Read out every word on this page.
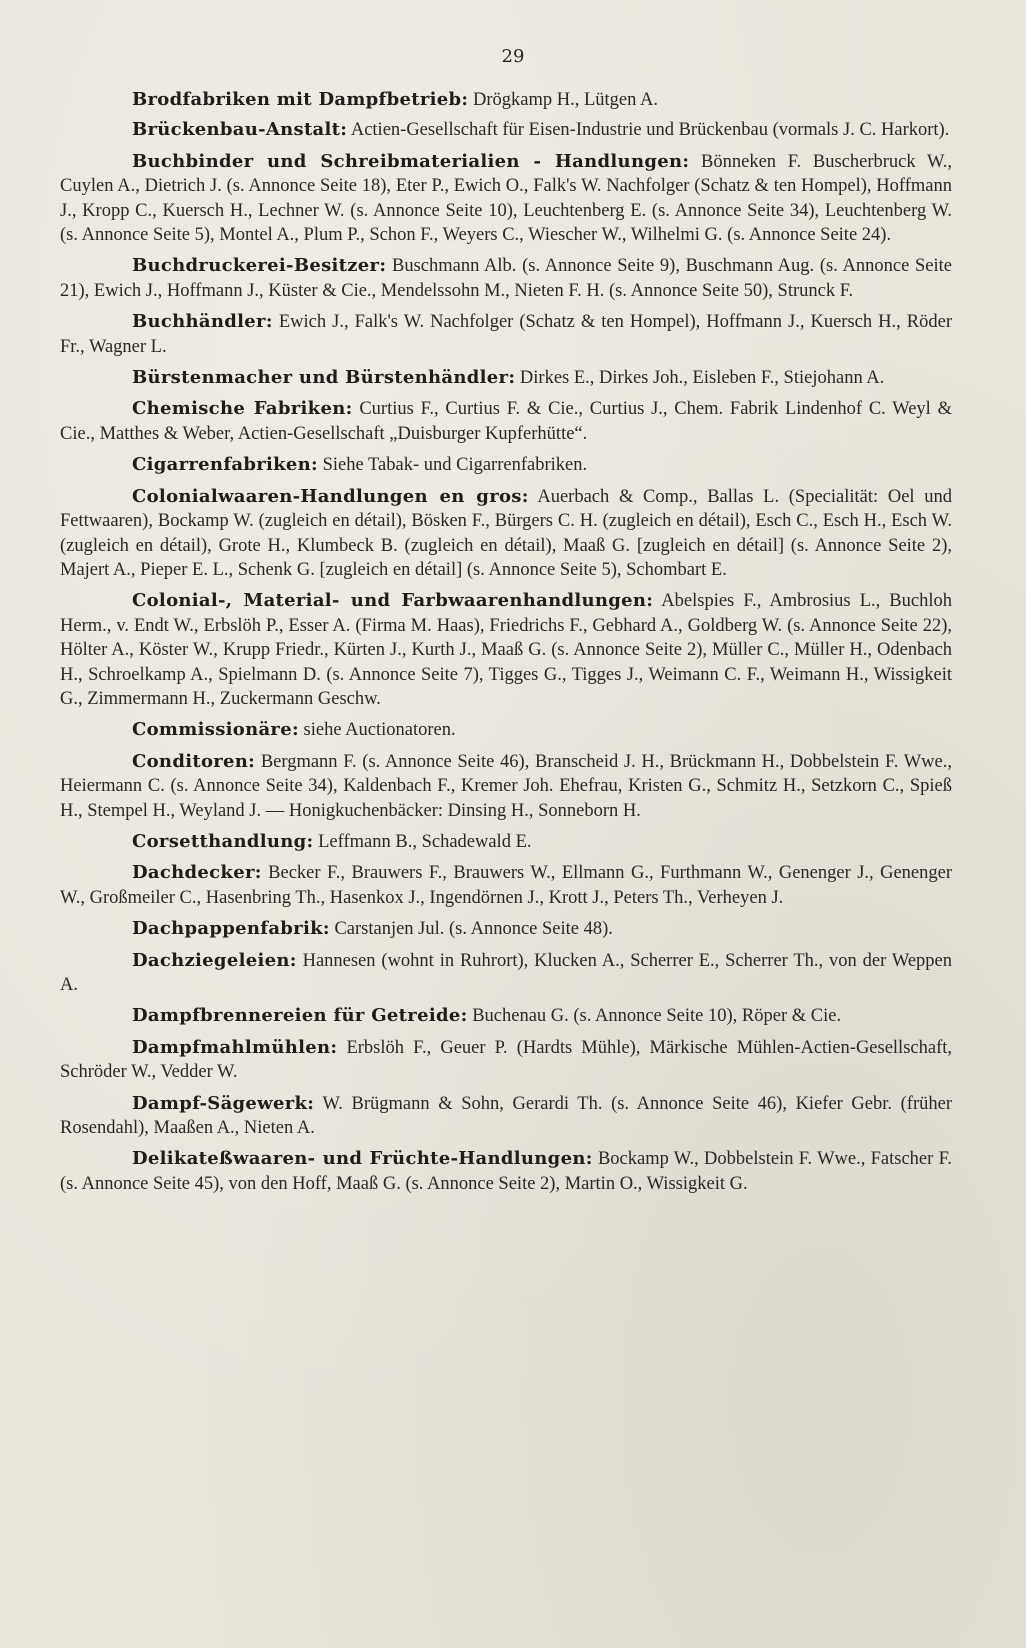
29

Brodfabriken mit Dampfbetrieb: Drögkamp H., Lütgen A.

Brückenbau-Anstalt: Actien-Gesellschaft für Eisen-Industrie und Brückenbau (vormals J. C. Harkort).

Buchbinder und Schreibmaterialien - Handlungen: Bönneken F. Buscherbruck W., Cuylen A., Dietrich J. (s. Annonce Seite 18), Eter P., Ewich O., Falk's W. Nachfolger (Schatz & ten Hompel), Hoffmann J., Kropp C., Kuersch H., Lechner W. (s. Annonce Seite 10), Leuchtenberg E. (s. Annonce Seite 34), Leuchtenberg W. (s. Annonce Seite 5), Montel A., Plum P., Schon F., Weyers C., Wiescher W., Wilhelmi G. (s. Annonce Seite 24).

Buchdruckerei-Besitzer: Buschmann Alb. (s. Annonce Seite 9), Buschmann Aug. (s. Annonce Seite 21), Ewich J., Hoffmann J., Küster & Cie., Mendelssohn M., Nieten F. H. (s. Annonce Seite 50), Strunck F.

Buchhändler: Ewich J., Falk's W. Nachfolger (Schatz & ten Hompel), Hoffmann J., Kuersch H., Röder Fr., Wagner L.

Bürstenmacher und Bürstenhändler: Dirkes E., Dirkes Joh., Eisleben F., Stiejohann A.

Chemische Fabriken: Curtius F., Curtius F. & Cie., Curtius J., Chem. Fabrik Lindenhof C. Weyl & Cie., Matthes & Weber, Actien-Gesellschaft „Duisburger Kupferhütte“.

Cigarrenfabriken: Siehe Tabak- und Cigarrenfabriken.

Colonialwaaren-Handlungen en gros: Auerbach & Comp., Ballas L. (Specialität: Oel und Fettwaaren), Bockamp W. (zugleich en détail), Bösken F., Bürgers C. H. (zugleich en détail), Esch C., Esch H., Esch W. (zugleich en détail), Grote H., Klumbeck B. (zugleich en détail), Maaß G. [zugleich en détail] (s. Annonce Seite 2), Majert A., Pieper E. L., Schenk G. [zugleich en détail] (s. Annonce Seite 5), Schombart E.

Colonial-, Material- und Farbwaarenhandlungen: Abelspies F., Ambrosius L., Buchloh Herm., v. Endt W., Erbslöh P., Esser A. (Firma M. Haas), Friedrichs F., Gebhard A., Goldberg W. (s. Annonce Seite 22), Hölter A., Köster W., Krupp Friedr., Kürten J., Kurth J., Maaß G. (s. Annonce Seite 2), Müller C., Müller H., Odenbach H., Schroelkamp A., Spielmann D. (s. Annonce Seite 7), Tigges G., Tigges J., Weimann C. F., Weimann H., Wissigkeit G., Zimmermann H., Zuckermann Geschw.

Commissionäre: siehe Auctionatoren.

Conditoren: Bergmann F. (s. Annonce Seite 46), Branscheid J. H., Brückmann H., Dobbelstein F. Wwe., Heiermann C. (s. Annonce Seite 34), Kaldenbach F., Kremer Joh. Ehefrau, Kristen G., Schmitz H., Setzkorn C., Spieß H., Stempel H., Weyland J. — Honigkuchenbäcker: Dinsing H., Sonneborn H.

Corsetthandlung: Leffmann B., Schadewald E.

Dachdecker: Becker F., Brauwers F., Brauwers W., Ellmann G., Furthmann W., Genenger J., Genenger W., Großmeiler C., Hasenbring Th., Hasenkox J., Ingendörnen J., Krott J., Peters Th., Verheyen J.

Dachpappenfabrik: Carstanjen Jul. (s. Annonce Seite 48).

Dachziegeleien: Hannesen (wohnt in Ruhrort), Klucken A., Scherrer E., Scherrer Th., von der Weppen A.

Dampfbrennereien für Getreide: Buchenau G. (s. Annonce Seite 10), Röper & Cie.

Dampfmahlmühlen: Erbslöh F., Geuer P. (Hardts Mühle), Märkische Mühlen-Actien-Gesellschaft, Schröder W., Vedder W.

Dampf-Sägewerk: W. Brügmann & Sohn, Gerardi Th. (s. Annonce Seite 46), Kiefer Gebr. (früher Rosendahl), Maaßen A., Nieten A.

Delikateßwaaren- und Früchte-Handlungen: Bockamp W., Dobbelstein F. Wwe., Fatscher F. (s. Annonce Seite 45), von den Hoff, Maaß G. (s. Annonce Seite 2), Martin O., Wissigkeit G.
